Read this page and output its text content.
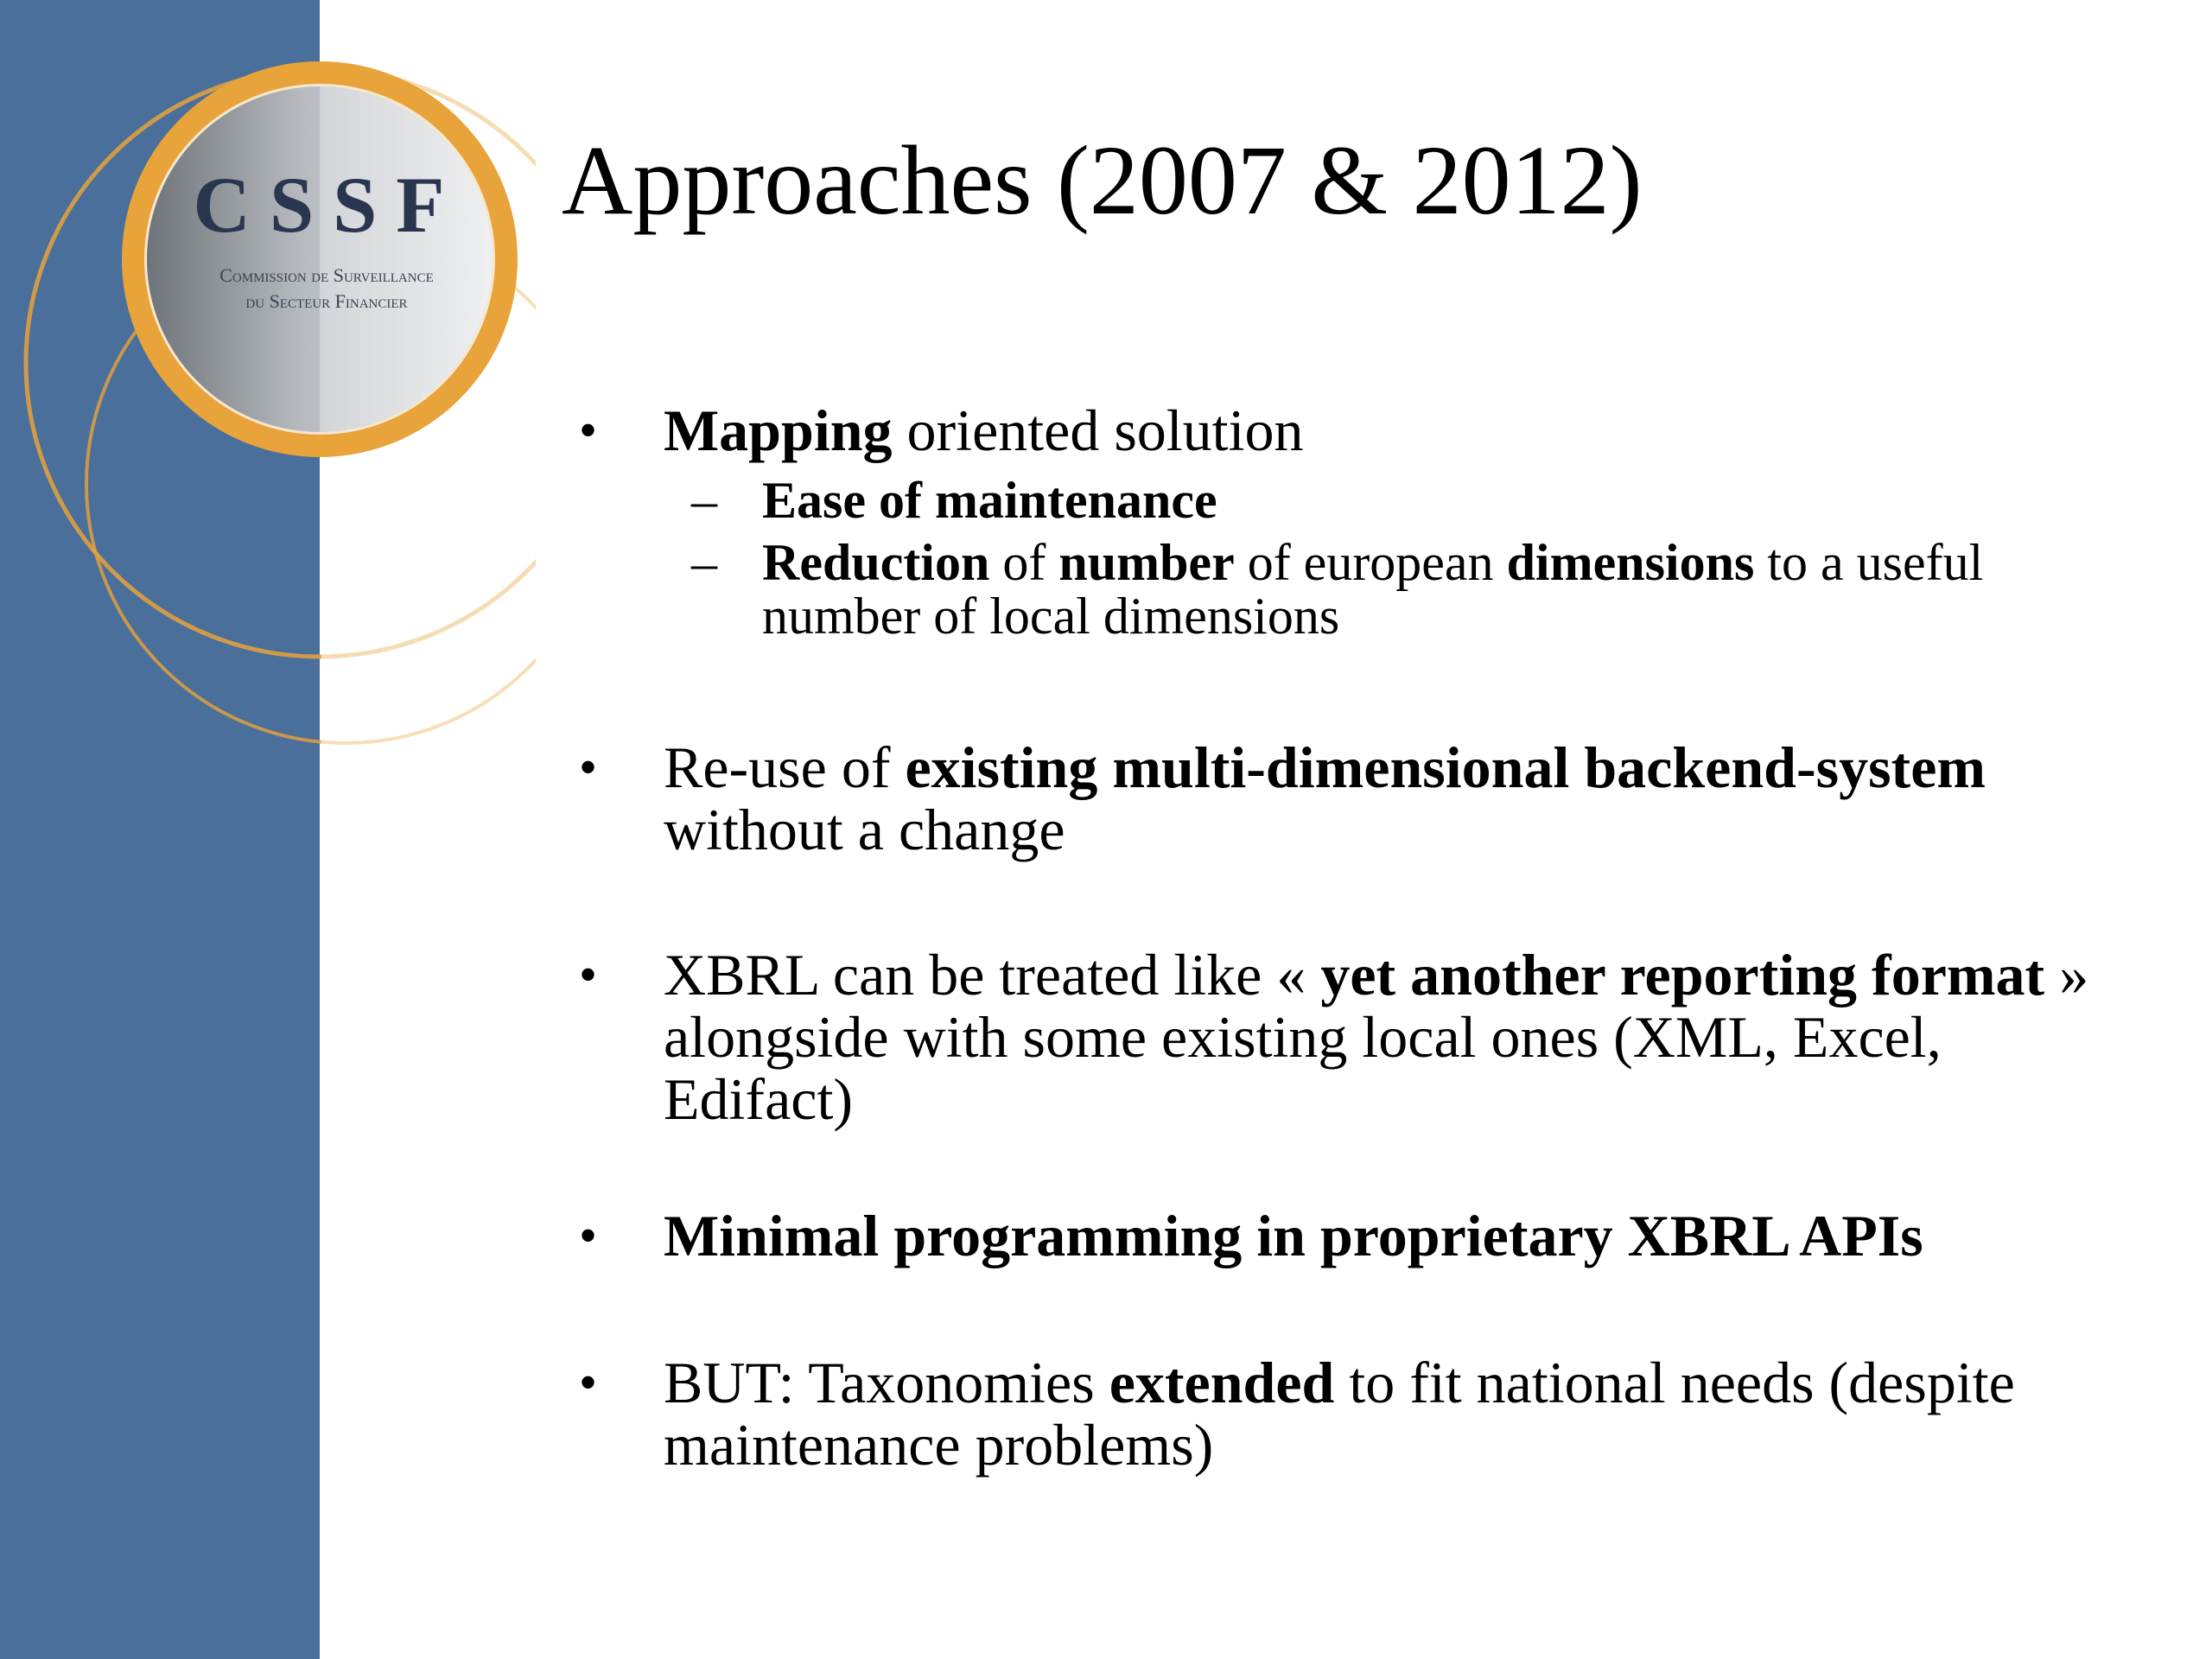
CSSF
Commission de Surveillance
du Secteur Financier
Approaches (2007 & 2012)
• Mapping oriented solution
– Ease of maintenance
– Reduction of number of european dimensions to a useful number of local dimensions
• Re-use of existing multi-dimensional backend-system without a change
• XBRL can be treated like « yet another reporting format » alongside with some existing local ones (XML, Excel, Edifact)
• Minimal programming in proprietary XBRL APIs
• BUT: Taxonomies extended to fit national needs (despite maintenance problems)
